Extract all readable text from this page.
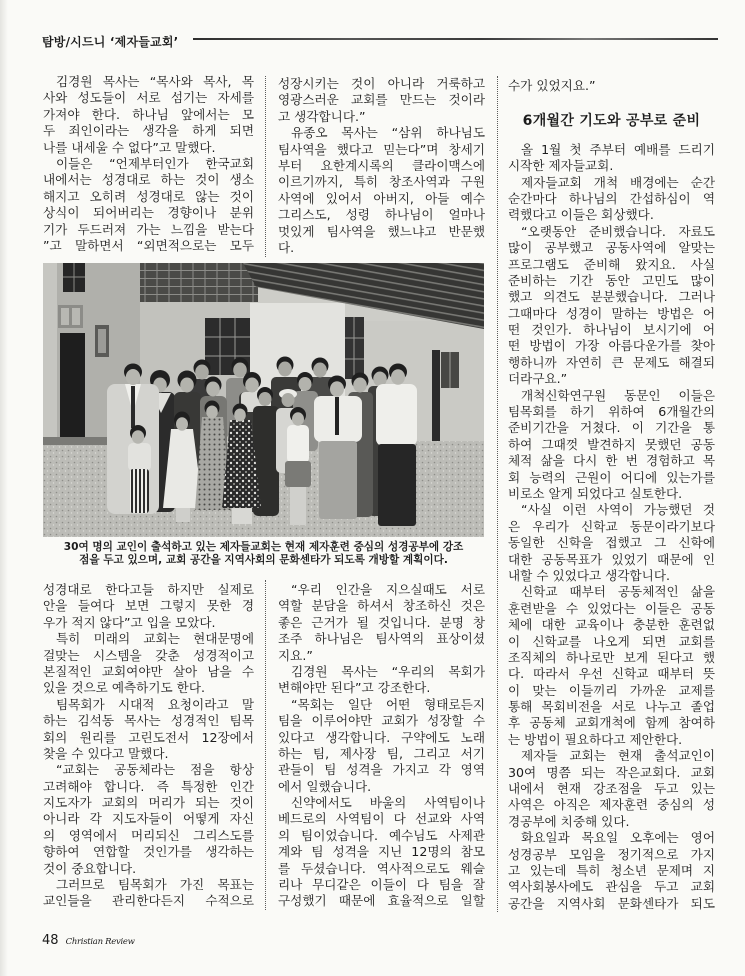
탐방/시드니 ‘제자들교회’
김경원 목사는 “목사와 목사, 목
사와 성도들이 서로 섬기는 자세를
가져야 한다. 하나님 앞에서는 모
두 죄인이라는 생각을 하게 되면
나를 내세울 수 없다”고 말했다.
이들은 “언제부터인가 한국교회
내에서는 성경대로 하는 것이 생소
해지고 오히려 성경대로 않는 것이
상식이 되어버리는 경향이나 분위
기가 두드러져 가는 느낌을 받는다
”고 말하면서 “외면적으로는 모두
성장시키는 것이 아니라 거룩하고
영광스러운 교회를 만드는 것이라
고 생각합니다.”
유종오 목사는 “삼위 하나님도
팀사역을 했다고 믿는다”며 창세기
부터 요한계시록의 클라이맥스에
이르기까지, 특히 창조사역과 구원
사역에 있어서 아버지, 아들 예수
그리스도, 성령 하나님이 얼마나
멋있게 팀사역을 했느냐고 반문했
다.
수가 있었지요.”
6개월간 기도와 공부로 준비
올 1월 첫 주부터 예배를 드리기
시작한 제자들교회.
제자들교회 개척 배경에는 순간
순간마다 하나님의 간섭하심이 역
력했다고 이들은 회상했다.
“오랫동안 준비했습니다. 자료도
많이 공부했고 공동사역에 알맞는
프로그램도 준비해 왔지요. 사실
준비하는 기간 동안 고민도 많이
했고 의견도 분분했습니다. 그러나
그때마다 성경이 말하는 방법은 어
떤 것인가. 하나님이 보시기에 어
떤 방법이 가장 아름다운가를 찾아
행하니까 자연히 큰 문제도 해결되
더라구요.”
개척신학연구원 동문인 이들은
팀목회를 하기 위하여 6개월간의
준비기간을 거쳤다. 이 기간을 통
하여 그때껏 발견하지 못했던 공동
체적 삶을 다시 한 번 경험하고 목
회 능력의 근원이 어디에 있는가를
비로소 알게 되었다고 실토한다.
“사실 이런 사역이 가능했던 것
은 우리가 신학교 동문이라기보다
동일한 신학을 접했고 그 신학에
대한 공동목표가 있었기 때문에 인
내할 수 있었다고 생각합니다.
신학교 때부터 공동체적인 삶을
훈련받을 수 있었다는 이들은 공동
체에 대한 교육이나 충분한 훈련없
이 신학교를 나오게 되면 교회를
조직체의 하나로만 보게 된다고 했
다. 따라서 우선 신학교 때부터 뜻
이 맞는 이들끼리 가까운 교제를
통해 목회비전을 서로 나누고 졸업
후 공동체 교회개척에 함께 참여하
는 방법이 필요하다고 제안한다.
제자들 교회는 현재 출석교인이
30여 명쯤 되는 작은교회다. 교회
내에서 현재 강조점을 두고 있는
사역은 아직은 제자훈련 중심의 성
경공부에 치중해 있다.
화요일과 목요일 오후에는 영어
성경공부 모임을 정기적으로 가지
고 있는데 특히 청소년 문제며 지
역사회봉사에도 관심을 두고 교회
공간을 지역사회 문화센타가 되도
30여 명의 교인이 출석하고 있는 제자들교회는 현재 제자훈련 중심의 성경공부에 강조
점을 두고 있으며, 교회 공간을 지역사회의 문화센타가 되도록 개방할 계획이다.
성경대로 한다고들 하지만 실제로
안을 들여다 보면 그렇지 못한 경
우가 적지 않다”고 입을 모았다.
특히 미래의 교회는 현대문명에
걸맞는 시스템을 갖춘 성경적이고
본질적인 교회여야만 살아 남을 수
있을 것으로 예측하기도 한다.
팀목회가 시대적 요청이라고 말
하는 김석동 목사는 성경적인 팀목
회의 원리를 고린도전서 12장에서
찾을 수 있다고 말했다.
“교회는 공동체라는 점을 항상
고려해야 합니다. 즉 특정한 인간
지도자가 교회의 머리가 되는 것이
아니라 각 지도자들이 어떻게 자신
의 영역에서 머리되신 그리스도를
향하여 연합할 것인가를 생각하는
것이 중요합니다.
그러므로 팀목회가 가진 목표는
교인들을 관리한다든지 수적으로
“우리 인간을 지으실때도 서로
역할 분담을 하셔서 창조하신 것은
좋은 근거가 될 것입니다. 분명 창
조주 하나님은 팀사역의 표상이셨
지요.”
김경원 목사는 “우리의 목회가
변해야만 된다”고 강조한다.
“목회는 일단 어떤 형태로든지
팀을 이루어야만 교회가 성장할 수
있다고 생각합니다. 구약에도 노래
하는 팀, 제사장 팀, 그리고 서기
관들이 팀 성격을 가지고 각 영역
에서 일했습니다.
신약에서도 바울의 사역팀이나
베드로의 사역팀이 다 선교와 사역
의 팀이었습니다. 예수님도 사제관
계와 팀 성격을 지닌 12명의 참모
를 두셨습니다. 역사적으로도 웨슬
리나 무디같은 이들이 다 팀을 잘
구성했기 때문에 효율적으로 일할
48 Christian Review
